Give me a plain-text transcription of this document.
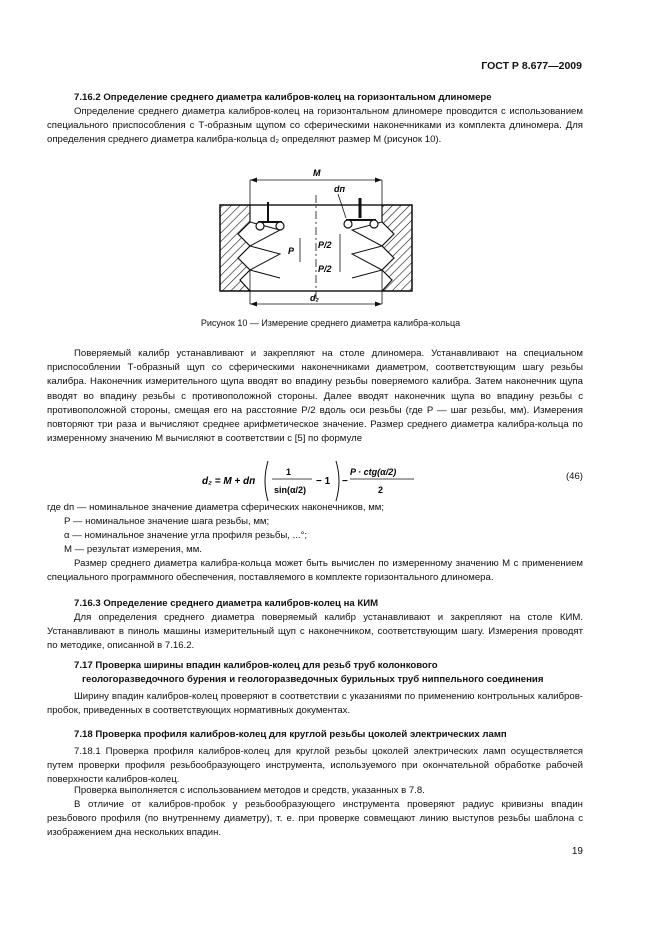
ГОСТ Р 8.677—2009

7.16.2 Определение среднего диаметра калибров-колец на горизонтальном длиномере

Определение среднего диаметра калибров-колец на горизонтальном длиномере проводится с использованием специального приспособления с Т-образным щупом со сферическими наконечниками из комплекта длиномера. Для определения среднего диаметра калибра-кольца d₂ определяют размер M (рисунок 10).

M
dп
P
P/2
P/2
d₂
Рисунок 10 — Измерение среднего диаметра калибра-кольца

Поверяемый калибр устанавливают и закрепляют на столе длиномера. Устанавливают на специальном приспособлении Т-образный щуп со сферическими наконечниками диаметром, соответствующим шагу резьбы калибра. Наконечник измерительного щупа вводят во впадину резьбы поверяемого калибра. Затем наконечник щупа вводят во впадину резьбы с противоположной стороны. Далее вводят наконечник щупа во впадину резьбы с противоположной стороны, смещая его на расстояние P/2 вдоль оси резьбы (где P — шаг резьбы, мм). Измерения повторяют три раза и вычисляют среднее арифметическое значение. Размер среднего диаметра калибра-кольца по измеренному значению M вычисляют в соответствии с [5] по формуле

d₂ = M + dп
1
sin(α/2)
− 1 −
P · ctg(α/2)
2
(46)

где dп — номинальное значение диаметра сферических наконечников, мм;

P — номинальное значение шага резьбы, мм;

α — номинальное значение угла профиля резьбы, ...°;

M — результат измерения, мм.

Размер среднего диаметра калибра-кольца может быть вычислен по измеренному значению M с применением специального программного обеспечения, поставляемого в комплекте горизонтального длиномера.

7.16.3 Определение среднего диаметра калибров-колец на КИМ

Для определения среднего диаметра поверяемый калибр устанавливают и закрепляют на столе КИМ. Устанавливают в пиноль машины измерительный щуп с наконечником, соответствующим шагу. Измерения проводят по методике, описанной в 7.16.2.

7.17 Проверка ширины впадин калибров-колец для резьб труб колонкового

геологоразведочного бурения и геологоразведочных бурильных труб ниппельного соединения

Ширину впадин калибров-колец проверяют в соответствии с указаниями по применению контрольных калибров-пробок, приведенных в соответствующих нормативных документах.

7.18 Проверка профиля калибров-колец для круглой резьбы цоколей электрических ламп

7.18.1 Проверка профиля калибров-колец для круглой резьбы цоколей электрических ламп осуществляется путем проверки профиля резьбообразующего инструмента, используемого при окончательной обработке рабочей поверхности калибров-колец.

Проверка выполняется с использованием методов и средств, указанных в 7.8.

В отличие от калибров-пробок у резьбообразующего инструмента проверяют радиус кривизны впадин резьбового профиля (по внутреннему диаметру), т. е. при проверке совмещают линию выступов резьбы шаблона с изображением дна нескольких впадин.

19
